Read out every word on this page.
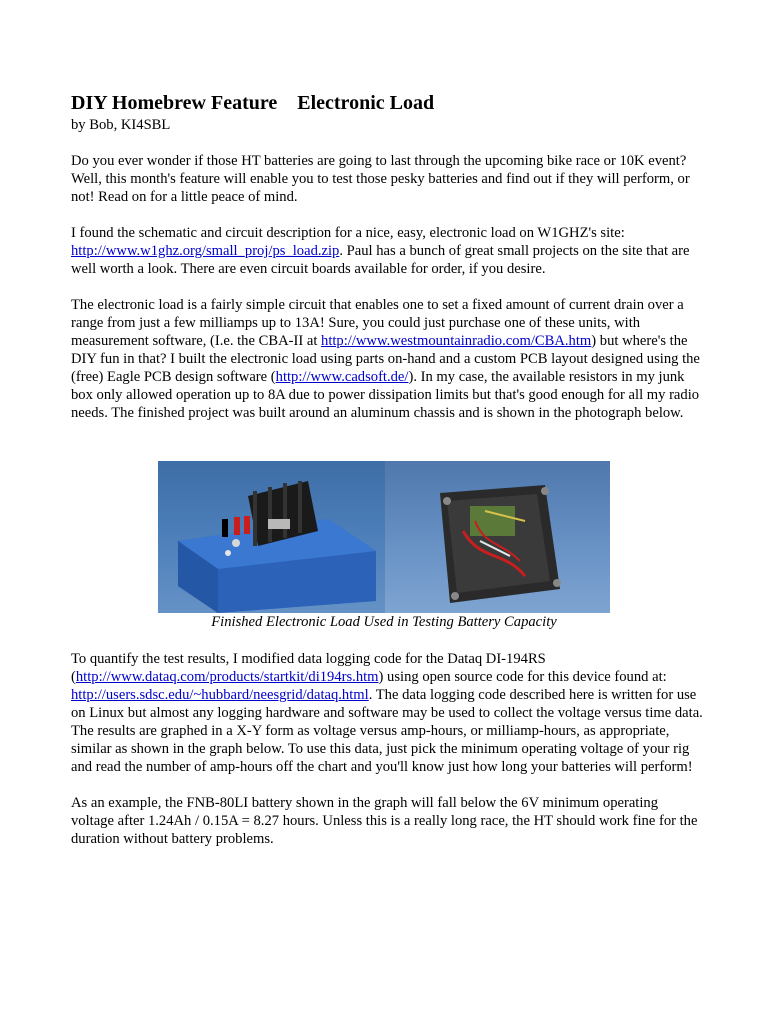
DIY Homebrew Feature    Electronic Load

by Bob, KI4SBL

Do you ever wonder if those HT batteries are going to last through the upcoming bike race or 10K event? Well, this month's feature will enable you to test those pesky batteries and find out if they will perform, or not! Read on for a little peace of mind.

I found the schematic and circuit description for a nice, easy, electronic load on W1GHZ's site: http://www.w1ghz.org/small_proj/ps_load.zip. Paul has a bunch of great small projects on the site that are well worth a look. There are even circuit boards available for order, if you desire.

The electronic load is a fairly simple circuit that enables one to set a fixed amount of current drain over a range from just a few milliamps up to 13A! Sure, you could just purchase one of these units, with measurement software, (I.e. the CBA-II at http://www.westmountainradio.com/CBA.htm) but where's the DIY fun in that? I built the electronic load using parts on-hand and a custom PCB layout designed using the (free) Eagle PCB design software (http://www.cadsoft.de/). In my case, the available resistors in my junk box only allowed operation up to 8A due to power dissipation limits but that's good enough for all my radio needs. The finished project was built around an aluminum chassis and is shown in the photograph below.

Finished Electronic Load Used in Testing Battery Capacity

To quantify the test results, I modified data logging code for the Dataq DI-194RS (http://www.dataq.com/products/startkit/di194rs.htm) using open source code for this device found at: http://users.sdsc.edu/~hubbard/neesgrid/dataq.html. The data logging code described here is written for use on Linux but almost any logging hardware and software may be used to collect the voltage versus time data. The results are graphed in a X-Y form as voltage versus amp-hours, or milliamp-hours, as appropriate, similar as shown in the graph below. To use this data, just pick the minimum operating voltage of your rig and read the number of amp-hours off the chart and you'll know just how long your batteries will perform!

As an example, the FNB-80LI battery shown in the graph will fall below the 6V minimum operating voltage after 1.24Ah / 0.15A = 8.27 hours. Unless this is a really long race, the HT should work fine for the duration without battery problems.
